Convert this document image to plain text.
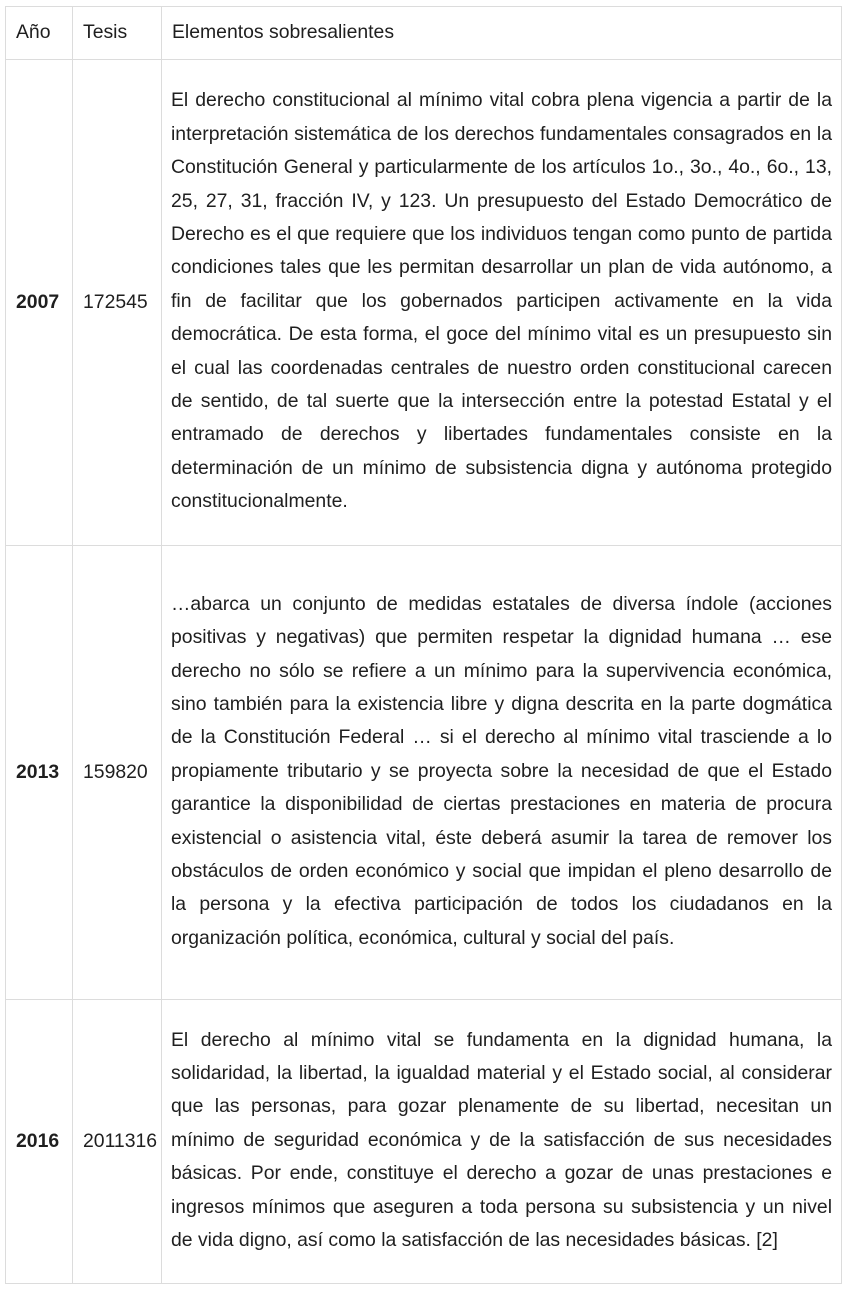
Año	Tesis	Elementos sobresalientes
2007	172545	El derecho constitucional al mínimo vital cobra plena vigencia a partir de la interpretación sistemática de los derechos fundamentales consagrados en la Constitución General y particularmente de los artículos 1o., 3o., 4o., 6o., 13, 25, 27, 31, fracción IV, y 123. Un presupuesto del Estado Democrático de Derecho es el que requiere que los individuos tengan como punto de partida condiciones tales que les permitan desarrollar un plan de vida autónomo, a fin de facilitar que los gobernados participen activamente en la vida democrática. De esta forma, el goce del mínimo vital es un presupuesto sin el cual las coordenadas centrales de nuestro orden constitucional carecen de sentido, de tal suerte que la intersección entre la potestad Estatal y el entramado de derechos y libertades fundamentales consiste en la determinación de un mínimo de subsistencia digna y autónoma protegido constitucionalmente.
2013	159820	…abarca un conjunto de medidas estatales de diversa índole (acciones positivas y negativas) que permiten respetar la dignidad humana … ese derecho no sólo se refiere a un mínimo para la supervivencia económica, sino también para la existencia libre y digna descrita en la parte dogmática de la Constitución Federal … si el derecho al mínimo vital trasciende a lo propiamente tributario y se proyecta sobre la necesidad de que el Estado garantice la disponibilidad de ciertas prestaciones en materia de procura existencial o asistencia vital, éste deberá asumir la tarea de remover los obstáculos de orden económico y social que impidan el pleno desarrollo de la persona y la efectiva participación de todos los ciudadanos en la organización política, económica, cultural y social del país.
2016	2011316	El derecho al mínimo vital se fundamenta en la dignidad humana, la solidaridad, la libertad, la igualdad material y el Estado social, al considerar que las personas, para gozar plenamente de su libertad, necesitan un mínimo de seguridad económica y de la satisfacción de sus necesidades básicas. Por ende, constituye el derecho a gozar de unas prestaciones e ingresos mínimos que aseguren a toda persona su subsistencia y un nivel de vida digno, así como la satisfacción de las necesidades básicas. [2]
